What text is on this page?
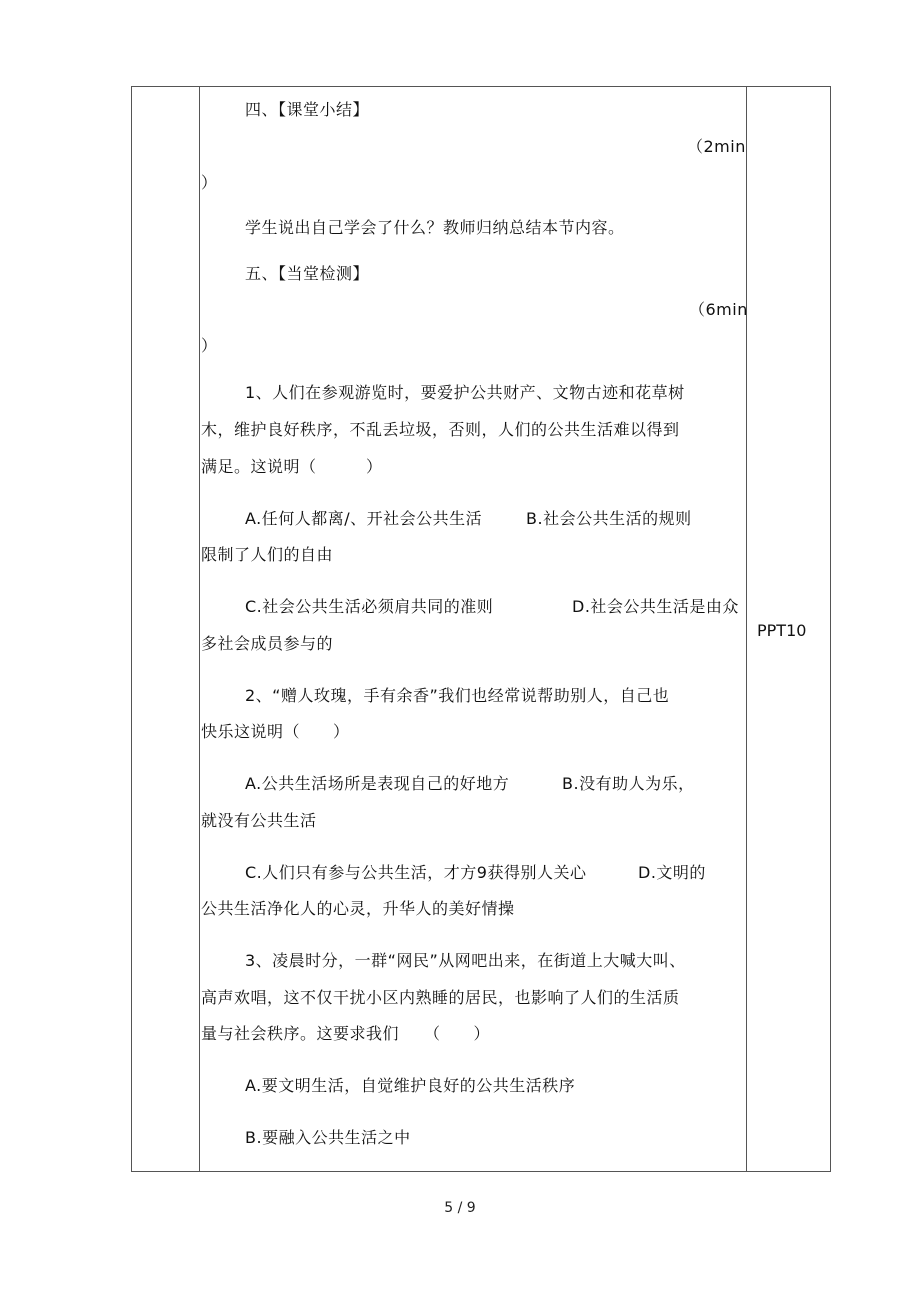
四、【课堂小结】
（2min
）
学生说出自己学会了什么？教师归纳总结本节内容。
五、【当堂检测】
（6min
）
1、人们在参观游览时，要爱护公共财产、文物古迹和花草树
木，维护良好秩序，不乱丢垃圾，否则，人们的公共生活难以得到
满足。这说明（　　　）
A.任何人都离/、开社会公共生活	B.社会公共生活的规则
限制了人们的自由
C.社会公共生活必须肩共同的准则	D.社会公共生活是由众
多社会成员参与的
2、“赠人玫瑰，手有余香”我们也经常说帮助别人，自己也
快乐这说明（　　）
A.公共生活场所是表现自己的好地方	B.没有助人为乐，
就没有公共生活
C.人们只有参与公共生活，才方9获得别人关心	D.文明的
公共生活净化人的心灵，升华人的美好情操
3、凌晨时分，一群“网民”从网吧出来，在街道上大喊大叫、
高声欢唱，这不仅干扰小区内熟睡的居民，也影响了人们的生活质
量与社会秩序。这要求我们　　（　　）
A.要文明生活，自觉维护良好的公共生活秩序
B.要融入公共生活之中
PPT10
5 / 9
